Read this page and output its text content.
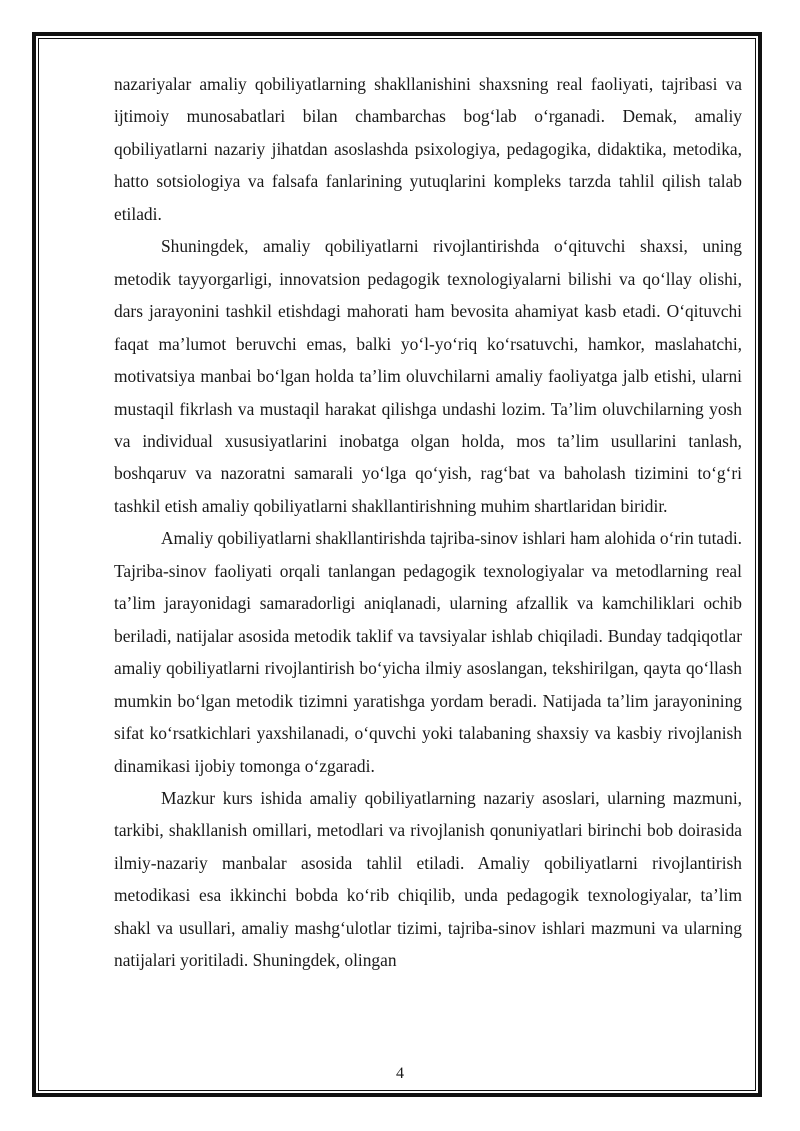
nazariyalar amaliy qobiliyatlarning shakllanishini shaxsning real faoliyati, tajribasi va ijtimoiy munosabatlari bilan chambarchas bog‘lab o‘rganadi. Demak, amaliy qobiliyatlarni nazariy jihatdan asoslashda psixologiya, pedagogika, didaktika, metodika, hatto sotsiologiya va falsafa fanlarining yutuqlarini kompleks tarzda tahlil qilish talab etiladi.

Shuningdek, amaliy qobiliyatlarni rivojlantirishda o‘qituvchi shaxsi, uning metodik tayyorgarligi, innovatsion pedagogik texnologiyalarni bilishi va qo‘llay olishi, dars jarayonini tashkil etishdagi mahorati ham bevosita ahamiyat kasb etadi. O‘qituvchi faqat ma’lumot beruvchi emas, balki yo‘l-yo‘riq ko‘rsatuvchi, hamkor, maslahatchi, motivatsiya manbai bo‘lgan holda ta’lim oluvchilarni amaliy faoliyatga jalb etishi, ularni mustaqil fikrlash va mustaqil harakat qilishga undashi lozim. Ta’lim oluvchilarning yosh va individual xususiyatlarini inobatga olgan holda, mos ta’lim usullarini tanlash, boshqaruv va nazoratni samarali yo‘lga qo‘yish, rag‘bat va baholash tizimini to‘g‘ri tashkil etish amaliy qobiliyatlarni shakllantirishning muhim shartlaridan biridir.

Amaliy qobiliyatlarni shakllantirishda tajriba-sinov ishlari ham alohida o‘rin tutadi. Tajriba-sinov faoliyati orqali tanlangan pedagogik texnologiyalar va metodlarning real ta’lim jarayonidagi samaradorligi aniqlanadi, ularning afzallik va kamchiliklari ochib beriladi, natijalar asosida metodik taklif va tavsiyalar ishlab chiqiladi. Bunday tadqiqotlar amaliy qobiliyatlarni rivojlantirish bo‘yicha ilmiy asoslangan, tekshirilgan, qayta qo‘llash mumkin bo‘lgan metodik tizimni yaratishga yordam beradi. Natijada ta’lim jarayonining sifat ko‘rsatkichlari yaxshilanadi, o‘quvchi yoki talabaning shaxsiy va kasbiy rivojlanish dinamikasi ijobiy tomonga o‘zgaradi.

Mazkur kurs ishida amaliy qobiliyatlarning nazariy asoslari, ularning mazmuni, tarkibi, shakllanish omillari, metodlari va rivojlanish qonuniyatlari birinchi bob doirasida ilmiy-nazariy manbalar asosida tahlil etiladi. Amaliy qobiliyatlarni rivojlantirish metodikasi esa ikkinchi bobda ko‘rib chiqilib, unda pedagogik texnologiyalar, ta’lim shakl va usullari, amaliy mashg‘ulotlar tizimi, tajriba-sinov ishlari mazmuni va ularning natijalari yoritiladi. Shuningdek, olingan

4
